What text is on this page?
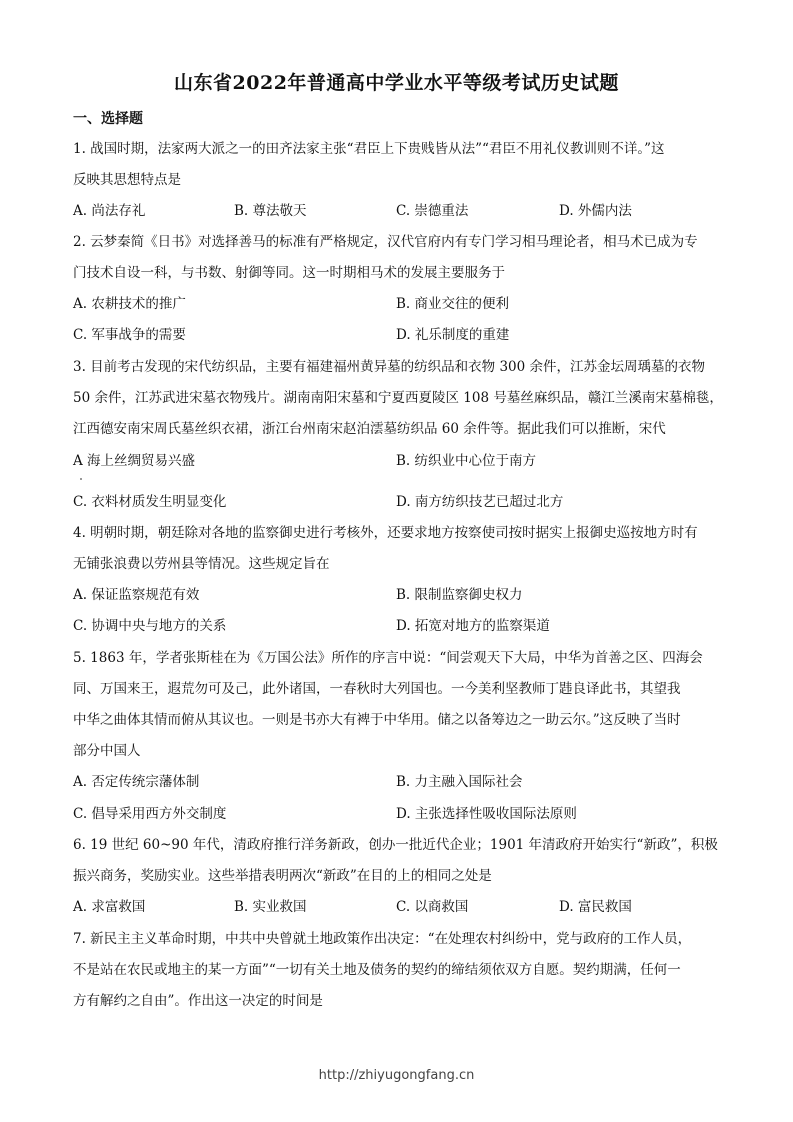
山东省2022年普通高中学业水平等级考试历史试题
一、选择题
1. 战国时期，法家两大派之一的田齐法家主张“君臣上下贵贱皆从法”“君臣不用礼仪教训则不详。”这
反映其思想特点是
A. 尚法存礼	B. 尊法敬天	C. 崇德重法	D. 外儒内法
2. 云梦秦简《日书》对选择善马的标准有严格规定，汉代官府内有专门学习相马理论者，相马术已成为专
门技术自设一科，与书数、射御等同。这一时期相马术的发展主要服务于
A. 农耕技术的推广	B. 商业交往的便利
C. 军事战争的需要	D. 礼乐制度的重建
3. 目前考古发现的宋代纺织品，主要有福建福州黄异墓的纺织品和衣物 300 余件，江苏金坛周瑀墓的衣物
50 余件，江苏武进宋墓衣物残片。湖南南阳宋墓和宁夏西夏陵区 108 号墓丝麻织品，赣江兰溪南宋墓棉毯，
江西德安南宋周氏墓丝织衣裙，浙江台州南宋赵泊澐墓纺织品 60 余件等。据此我们可以推断，宋代
A 海上丝绸贸易兴盛	B. 纺织业中心位于南方
C. 衣料材质发生明显变化	D. 南方纺织技艺已超过北方
4. 明朝时期，朝廷除对各地的监察御史进行考核外，还要求地方按察使司按时据实上报御史巡按地方时有
无铺张浪费以劳州县等情况。这些规定旨在
A. 保证监察规范有效	B. 限制监察御史权力
C. 协调中央与地方的关系	D. 拓宽对地方的监察渠道
5. 1863 年，学者张斯桂在为《万国公法》所作的序言中说：“间尝观天下大局，中华为首善之区、四海会
同、万国来王，遐荒勿可及己，此外诸国，一春秋时大列国也。一今美利坚教师丁韪良译此书，其望我
中华之曲体其情而俯从其议也。一则是书亦大有裨于中华用。储之以备筹边之一助云尔。”这反映了当时
部分中国人
A. 否定传统宗藩体制	B. 力主融入国际社会
C. 倡导采用西方外交制度	D. 主张选择性吸收国际法原则
6. 19 世纪 60~90 年代，清政府推行洋务新政，创办一批近代企业；1901 年清政府开始实行“新政”，积极
振兴商务，奖励实业。这些举措表明两次“新政”在目的上的相同之处是
A. 求富救国	B. 实业救国	C. 以商救国	D. 富民救国
7. 新民主主义革命时期，中共中央曾就土地政策作出决定：“在处理农村纠纷中，党与政府的工作人员，
不是站在农民或地主的某一方面”“一切有关土地及债务的契约的缔结须依双方自愿。契约期满，任何一
方有解约之自由”。作出这一决定的时间是
http://zhiyugongfang.cn
